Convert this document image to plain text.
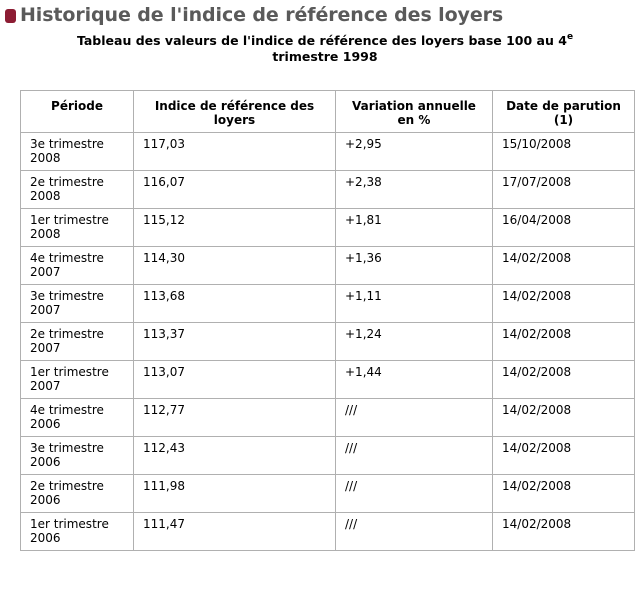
Historique de l'indice de référence des loyers
Tableau des valeurs de l'indice de référence des loyers base 100 au 4e
trimestre 1998
Période	Indice de référence des loyers	Variation annuelle en %	Date de parution (1)
3e trimestre 2008	117,03	+2,95	15/10/2008
2e trimestre 2008	116,07	+2,38	17/07/2008
1er trimestre 2008	115,12	+1,81	16/04/2008
4e trimestre 2007	114,30	+1,36	14/02/2008
3e trimestre 2007	113,68	+1,11	14/02/2008
2e trimestre 2007	113,37	+1,24	14/02/2008
1er trimestre 2007	113,07	+1,44	14/02/2008
4e trimestre 2006	112,77	///	14/02/2008
3e trimestre 2006	112,43	///	14/02/2008
2e trimestre 2006	111,98	///	14/02/2008
1er trimestre 2006	111,47	///	14/02/2008
